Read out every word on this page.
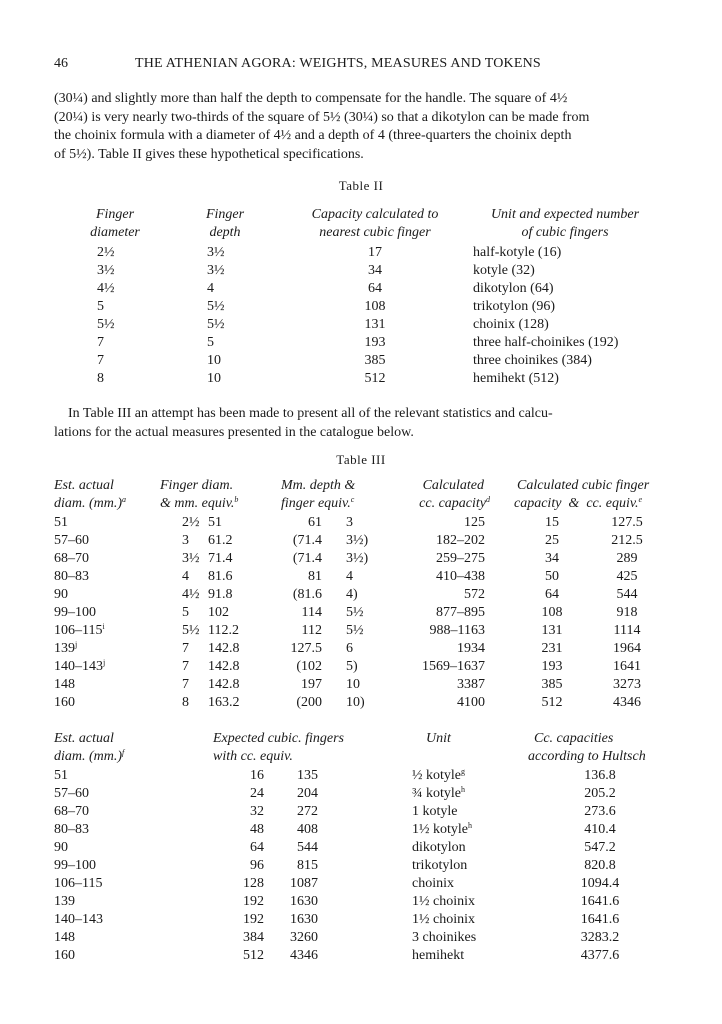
46	THE ATHENIAN AGORA: WEIGHTS, MEASURES AND TOKENS
(30¼) and slightly more than half the depth to compensate for the handle. The square of 4½
(20¼) is very nearly two-thirds of the square of 5½ (30¼) so that a dikotylon can be made from
the choinix formula with a diameter of 4½ and a depth of 4 (three-quarters the choinix depth
of 5½). Table II gives these hypothetical specifications.
Table II
Finger
diameter
Finger
depth
Capacity calculated to
nearest cubic finger
Unit and expected number
of cubic fingers
2½
3½
4½
5
5½
7
7
8
3½
3½
4
5½
5½
5
10
10
17
34
64
108
131
193
385
512
half-kotyle (16)
kotyle (32)
dikotylon (64)
trikotylon (96)
choinix (128)
three half-choinikes (192)
three choinikes (384)
hemihekt (512)
In Table III an attempt has been made to present all of the relevant statistics and calcu-
lations for the actual measures presented in the catalogue below.
Table III
Est. actual
diam. $(mm.)^a$
Finger diam.
& mm. equiv.$^b$
Mm. depth &
finger equiv.$^c$
Calculated
cc. capacity$^d$
Calculated cubic finger
capacity & cc. equiv.$^e$
51
57–60
68–70
80–83
90
99–100
106–115$^i$
139$^j$
140–143$^j$
148
160
2½
3
3½
4
4½
5
5½
7
7
7
8
51
61.2
71.4
81.6
91.8
102
112.2
142.8
142.8
142.8
163.2
61
(71.4
(71.4
81
(81.6
114
112
127.5
(102
197
(200
3
3½)
3½)
4
4)
5½
5½
6
5)
10
10)
125
182–202
259–275
410–438
572
877–895
988–1163
1934
1569–1637
3387
4100
15
25
34
50
64
108
131
231
193
385
512
127.5
212.5
289
425
544
918
1114
1964
1641
3273
4346
Est. actual
diam. $(mm.)^f$
Expected cubic. fingers
with cc. equiv.
Unit	Cc. capacities
according to Hultsch
51
57–60
68–70
80–83
90
99–100
106–115
139
140–143
148
160
16
24
32
48
64
96
128
192
192
384
512
135
204
272
408
544
815
1087
1630
1630
3260
4346
½ kotyle$^g$
¾ kotyle$^h$
1 kotyle
1½ kotyle$^h$
dikotylon
trikotylon
choinix
1½ choinix
1½ choinix
3 choinikes
hemihekt
136.8
205.2
273.6
410.4
547.2
820.8
1094.4
1641.6
1641.6
3283.2
4377.6
